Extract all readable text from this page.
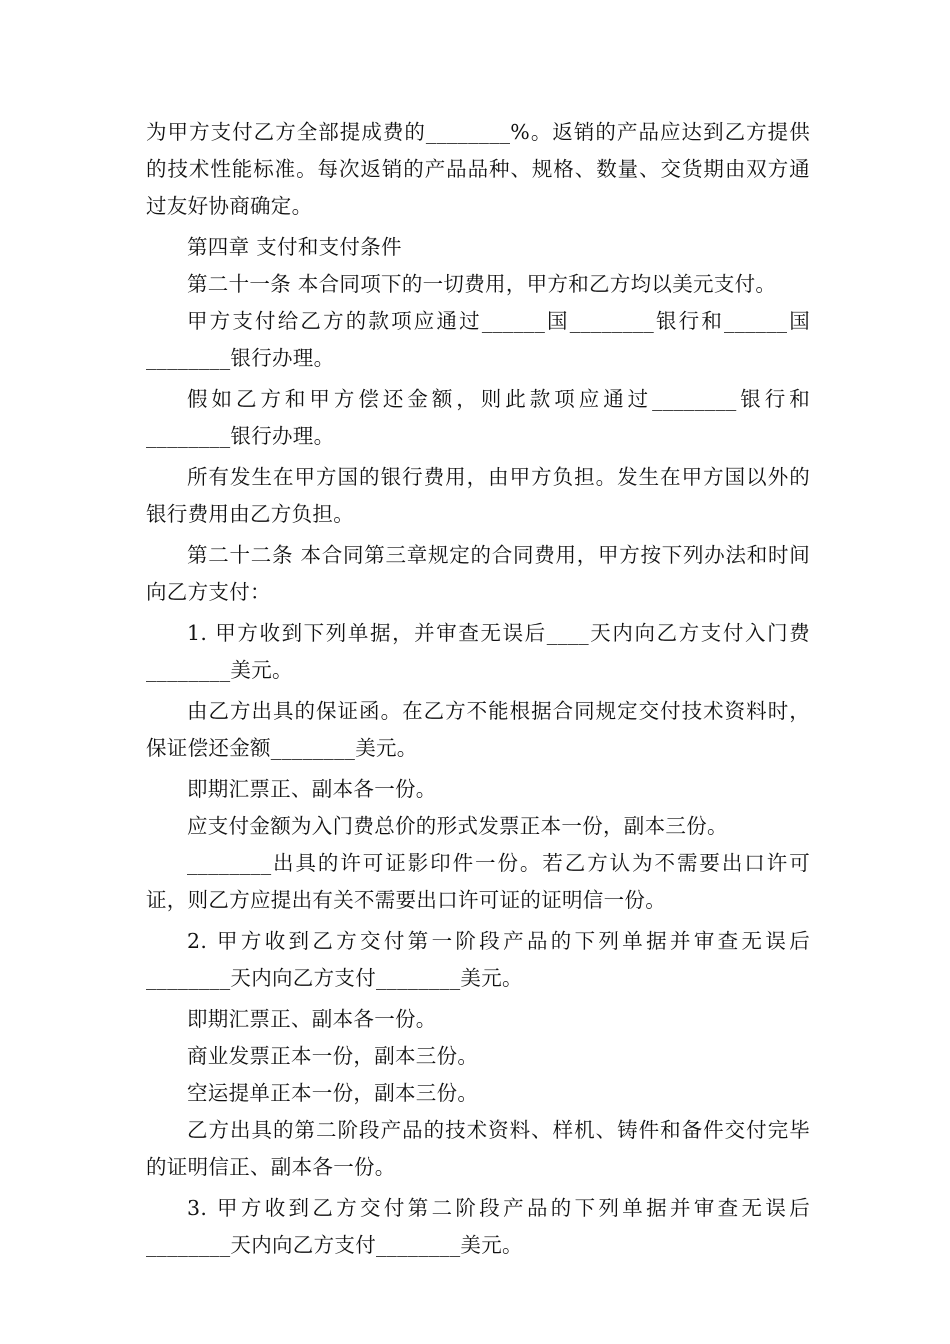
为甲方支付乙方全部提成费的________%。返销的产品应达到乙方提供的技术性能标准。每次返销的产品品种、规格、数量、交货期由双方通过友好协商确定。

第四章 支付和支付条件

第二十一条 本合同项下的一切费用，甲方和乙方均以美元支付。

甲方支付给乙方的款项应通过______国________银行和______国________银行办理。

假如乙方和甲方偿还金额，则此款项应通过________银行和________银行办理。

所有发生在甲方国的银行费用，由甲方负担。发生在甲方国以外的银行费用由乙方负担。

第二十二条 本合同第三章规定的合同费用，甲方按下列办法和时间向乙方支付：

1. 甲方收到下列单据，并审查无误后____天内向乙方支付入门费________美元。

由乙方出具的保证函。在乙方不能根据合同规定交付技术资料时，保证偿还金额________美元。

即期汇票正、副本各一份。

应支付金额为入门费总价的形式发票正本一份，副本三份。

________出具的许可证影印件一份。若乙方认为不需要出口许可证，则乙方应提出有关不需要出口许可证的证明信一份。

2. 甲方收到乙方交付第一阶段产品的下列单据并审查无误后________天内向乙方支付________美元。

即期汇票正、副本各一份。

商业发票正本一份，副本三份。

空运提单正本一份，副本三份。

乙方出具的第二阶段产品的技术资料、样机、铸件和备件交付完毕的证明信正、副本各一份。

3. 甲方收到乙方交付第二阶段产品的下列单据并审查无误后________天内向乙方支付________美元。
